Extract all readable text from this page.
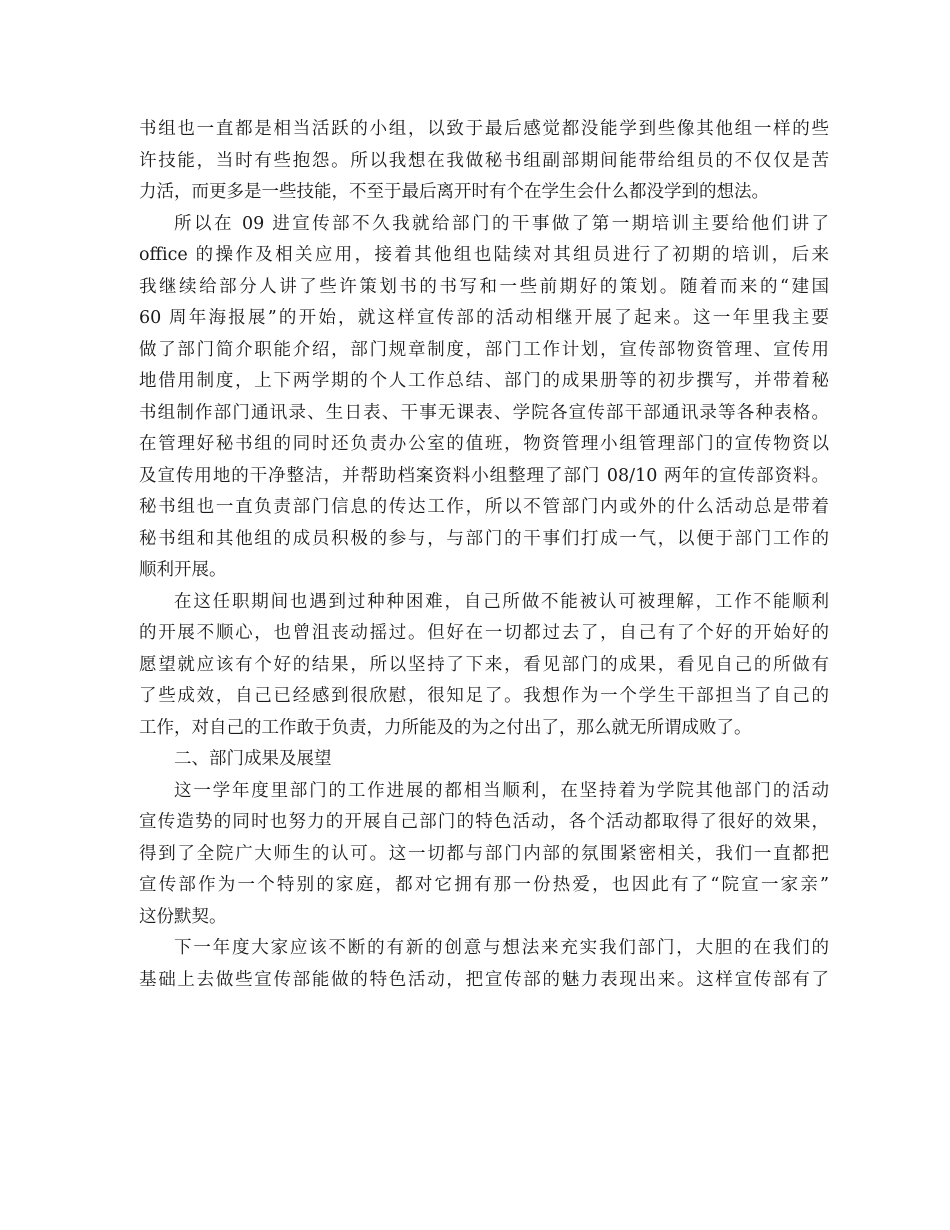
书组也一直都是相当活跃的小组，以致于最后感觉都没能学到些像其他组一样的些
许技能，当时有些抱怨。所以我想在我做秘书组副部期间能带给组员的不仅仅是苦
力活，而更多是一些技能，不至于最后离开时有个在学生会什么都没学到的想法。
所以在 09 进宣传部不久我就给部门的干事做了第一期培训主要给他们讲了
office 的操作及相关应用，接着其他组也陆续对其组员进行了初期的培训，后来
我继续给部分人讲了些许策划书的书写和一些前期好的策划。随着而来的“建国
60 周年海报展”的开始，就这样宣传部的活动相继开展了起来。这一年里我主要
做了部门简介职能介绍，部门规章制度，部门工作计划，宣传部物资管理、宣传用
地借用制度，上下两学期的个人工作总结、部门的成果册等的初步撰写，并带着秘
书组制作部门通讯录、生日表、干事无课表、学院各宣传部干部通讯录等各种表格。
在管理好秘书组的同时还负责办公室的值班，物资管理小组管理部门的宣传物资以
及宣传用地的干净整洁，并帮助档案资料小组整理了部门 08/10 两年的宣传部资料。
秘书组也一直负责部门信息的传达工作，所以不管部门内或外的什么活动总是带着
秘书组和其他组的成员积极的参与，与部门的干事们打成一气，以便于部门工作的
顺利开展。
在这任职期间也遇到过种种困难，自己所做不能被认可被理解，工作不能顺利
的开展不顺心，也曾沮丧动摇过。但好在一切都过去了，自己有了个好的开始好的
愿望就应该有个好的结果，所以坚持了下来，看见部门的成果，看见自己的所做有
了些成效，自己已经感到很欣慰，很知足了。我想作为一个学生干部担当了自己的
工作，对自己的工作敢于负责，力所能及的为之付出了，那么就无所谓成败了。
二、部门成果及展望
这一学年度里部门的工作进展的都相当顺利，在坚持着为学院其他部门的活动
宣传造势的同时也努力的开展自己部门的特色活动，各个活动都取得了很好的效果，
得到了全院广大师生的认可。这一切都与部门内部的氛围紧密相关，我们一直都把
宣传部作为一个特别的家庭，都对它拥有那一份热爱，也因此有了“院宣一家亲”
这份默契。
下一年度大家应该不断的有新的创意与想法来充实我们部门，大胆的在我们的
基础上去做些宣传部能做的特色活动，把宣传部的魅力表现出来。这样宣传部有了
